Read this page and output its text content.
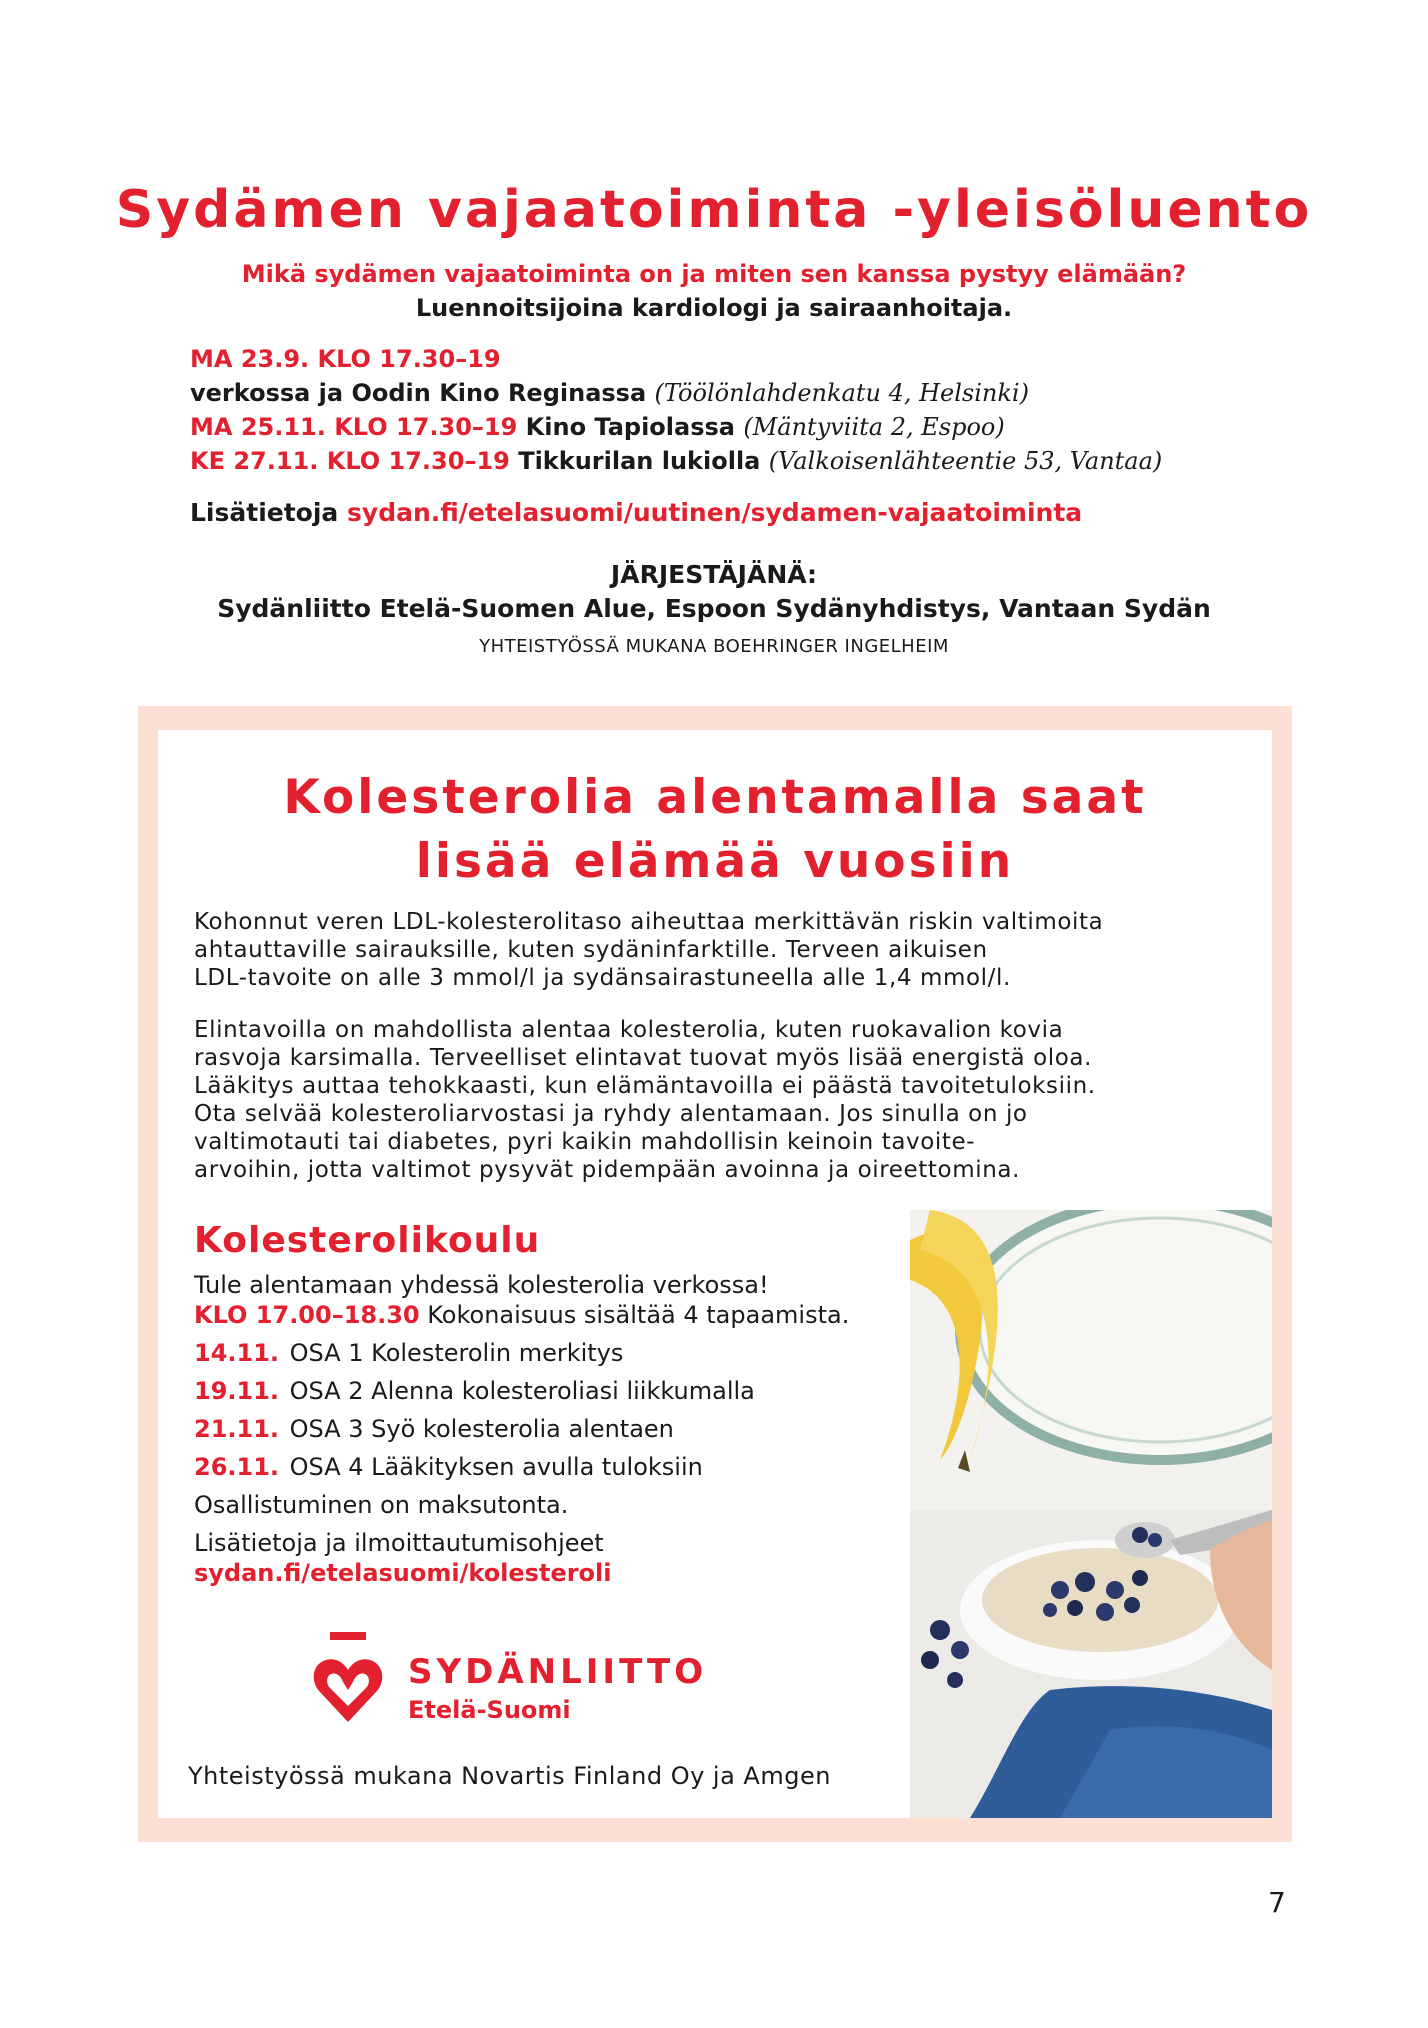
Sydämen vajaatoiminta -yleisöluento
Mikä sydämen vajaatoiminta on ja miten sen kanssa pystyy elämään?
Luennoitsijoina kardiologi ja sairaanhoitaja.
MA 23.9. KLO 17.30–19
verkossa ja Oodin Kino Reginassa (Töölönlahdenkatu 4, Helsinki)
MA 25.11. KLO 17.30–19 Kino Tapiolassa (Mäntyviita 2, Espoo)
KE 27.11. KLO 17.30–19 Tikkurilan lukiolla (Valkoisenlähteentie 53, Vantaa)
Lisätietoja sydan.fi/etelasuomi/uutinen/sydamen-vajaatoiminta
JÄRJESTÄJÄNÄ:
Sydänliitto Etelä-Suomen Alue, Espoon Sydänyhdistys, Vantaan Sydän
YHTEISTYÖSSÄ MUKANA BOEHRINGER INGELHEIM
Kolesterolia alentamalla saat
lisää elämää vuosiin
Kohonnut veren LDL-kolesterolitaso aiheuttaa merkittävän riskin valtimoita
ahtauttaville sairauksille, kuten sydäninfarktille. Terveen aikuisen
LDL-tavoite on alle 3 mmol/l ja sydänsairastuneella alle 1,4 mmol/l.
Elintavoilla on mahdollista alentaa kolesterolia, kuten ruokavalion kovia
rasvoja karsimalla. Terveelliset elintavat tuovat myös lisää energistä oloa.
Lääkitys auttaa tehokkaasti, kun elämäntavoilla ei päästä tavoitetuloksiin.
Ota selvää kolesteroliarvostasi ja ryhdy alentamaan. Jos sinulla on jo
valtimotauti tai diabetes, pyri kaikin mahdollisin keinoin tavoite-
arvoihin, jotta valtimot pysyvät pidempään avoinna ja oireettomina.
Kolesterolikoulu
Tule alentamaan yhdessä kolesterolia verkossa!
KLO 17.00–18.30 Kokonaisuus sisältää 4 tapaamista.
14.11. OSA 1 Kolesterolin merkitys
19.11. OSA 2 Alenna kolesteroliasi liikkumalla
21.11. OSA 3 Syö kolesterolia alentaen
26.11. OSA 4 Lääkityksen avulla tuloksiin
Osallistuminen on maksutonta.
Lisätietoja ja ilmoittautumisohjeet
sydan.fi/etelasuomi/kolesteroli
SYDÄNLIITTO
Etelä-Suomi
Yhteistyössä mukana Novartis Finland Oy ja Amgen
7
